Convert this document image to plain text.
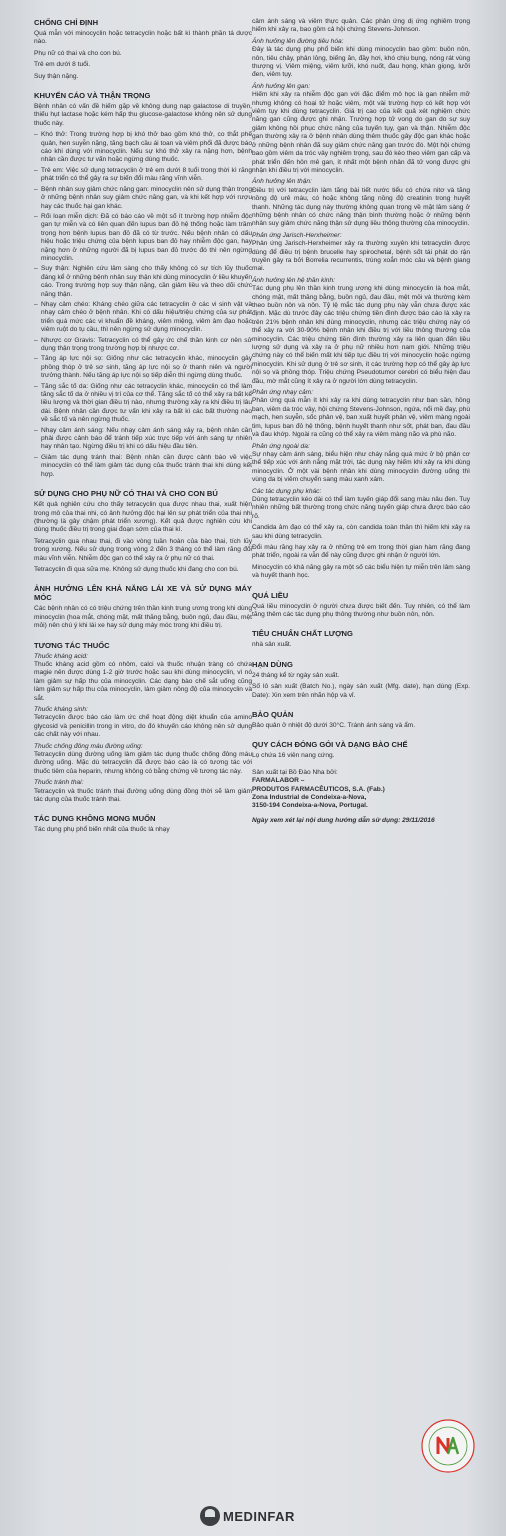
CHỐNG CHỈ ĐỊNH

Quá mẫn với minocyclin hoặc tetracyclin hoặc bất kì thành phần tá dược nào.

Phụ nữ có thai và cho con bú.

Trẻ em dưới 8 tuổi.

Suy thận nặng.

KHUYẾN CÁO VÀ THẬN TRỌNG

Bệnh nhân có vấn đề hiếm gặp về không dung nạp galactose di truyền, thiếu hụt lactase hoặc kém hấp thu glucose-galactose không nên sử dụng thuốc này.

– Khó thở: Trong trường hợp bị khó thở bao gồm khó thở, co thắt phế quản, hen suyễn nặng, tăng bạch cầu ái toan và viêm phổi đã được báo cáo khi dùng với minocyclin. Nếu sự khó thở xảy ra nặng hơn, bệnh nhân cần được tư vấn hoặc ngừng dùng thuốc.
– Trẻ em: Việc sử dụng tetracyclin ở trẻ em dưới 8 tuổi trong thời kì răng phát triển có thể gây ra sự biến đổi màu răng vĩnh viễn.
– Bệnh nhân suy giảm chức năng gan: minocyclin nên sử dụng thận trọng ở những bệnh nhân suy giảm chức năng gan, và khi kết hợp với rượu hay các thuốc hại gan khác.
– Rối loạn miễn dịch: Đã có báo cáo về một số ít trường hợp nhiễm độc gan tự miễn và có liên quan đến lupus ban đỏ hệ thống hoặc làm trầm trọng hơn bệnh lupus ban đỏ đã có từ trước. Nếu bệnh nhân có dấu hiệu hoặc triệu chứng của bệnh lupus ban đỏ hay nhiễm độc gan, hay nặng hơn ở những người đã bị lupus ban đỏ trước đó thì nên ngừng minocyclin.
– Suy thận: Nghiên cứu lâm sàng cho thấy không có sự tích lũy thuốc đáng kể ở những bệnh nhân suy thận khi dùng minocyclin ở liều khuyến cáo. Trong trường hợp suy thận nặng, cần giảm liều và theo dõi chức năng thận.
– Nhạy cảm chéo: Kháng chéo giữa các tetracyclin ở các vi sinh vật và nhạy cảm chéo ở bệnh nhân. Khi có dấu hiệu/triệu chứng của sự phát triển quá mức các vi khuẩn đề kháng, viêm miệng, viêm âm đạo hoặc viêm ruột do tụ cầu, thì nên ngừng sử dụng minocyclin.
– Nhược cơ Gravis: Tetracyclin có thể gây ức chế thần kinh cơ nên sử dụng thận trọng trong trường hợp bị nhược cơ.
– Tăng áp lực nội sọ: Giống như các tetracyclin khác, minocyclin gây phồng thóp ở trẻ sơ sinh, tăng áp lực nội sọ ở thanh niên và người trưởng thành. Nếu tăng áp lực nội sọ tiếp diễn thì ngừng dùng thuốc.
– Tăng sắc tố da: Giống như các tetracyclin khác, minocyclin có thể làm tăng sắc tố da ở nhiều vị trí của cơ thể. Tăng sắc tố có thể xảy ra bất kể liều lượng và thời gian điều trị nào, nhưng thường xảy ra khi điều trị lâu dài. Bệnh nhân cần được tư vấn khi xảy ra bất kì các bất thường nào về sắc tố và nên ngừng thuốc.
– Nhạy cảm ánh sáng: Nếu nhạy cảm ánh sáng xảy ra, bệnh nhân cần phải được cảnh báo để tránh tiếp xúc trực tiếp với ánh sáng tự nhiên hay nhân tạo. Ngừng điều trị khi có dấu hiệu đầu tiên.
– Giảm tác dụng tránh thai: Bệnh nhân cần được cảnh báo về việc minocyclin có thể làm giảm tác dụng của thuốc tránh thai khi dùng kết hợp.
SỬ DỤNG CHO PHỤ NỮ CÓ THAI VÀ CHO CON BÚ

Kết quả nghiên cứu cho thấy tetracyclin qua được nhau thai, xuất hiện trong mô của thai nhi, có ảnh hưởng độc hại lên sự phát triển của thai nhi (thường là gây chậm phát triển xương). Kết quả được nghiên cứu khi dùng thuốc điều trị trong giai đoạn sớm của thai kì.

Tetracyclin qua nhau thai, đi vào vòng tuần hoàn của bào thai, tích lũy trong xương. Nếu sử dụng trong vòng 2 đến 3 tháng có thể làm răng đổi màu vĩnh viễn. Nhiễm độc gan có thể xảy ra ở phụ nữ có thai.

Tetracyclin đi qua sữa mẹ. Không sử dụng thuốc khi đang cho con bú.

ẢNH HƯỞNG LÊN KHẢ NĂNG LÁI XE VÀ SỬ DỤNG MÁY MÓC

Các bệnh nhân có có triệu chứng trên thần kinh trung ương trong khi dùng minocyclin (hoa mắt, chóng mặt, mất thăng bằng, buồn ngủ, đau đầu, mệt mỏi) nên chú ý khi lái xe hay sử dụng máy móc trong khi điều trị.

TƯƠNG TÁC THUỐC

Thuốc kháng acid:

Thuốc kháng acid gồm có nhôm, calci và thuốc nhuận tràng có chứa magie nên được dùng 1-2 giờ trước hoặc sau khi dùng minocyclin, vì nó làm giảm sự hấp thu của minocyclin. Các dạng bào chế sắt uống cũng làm giảm sự hấp thu của minocyclin, làm giảm nồng độ của minocyclin và sắt.

Thuốc kháng sinh:

Tetracyclin được báo cáo làm ức chế hoạt động diệt khuẩn của amino glycosid và penicillin trong in vitro, do đó khuyến cáo không nên sử dụng các chất này với nhau.

Thuốc chống đông máu đường uống:

Tetracyclin dùng đường uống làm giảm tác dụng thuốc chống đông máu đường uống. Mặc dù tetracyclin đã được báo cáo là có tương tác với thuốc tiêm của heparin, nhưng không có bằng chứng về tương tác này.

Thuốc tránh thai:

Tetracyclin và thuốc tránh thai đường uống dùng đồng thời sẽ làm giảm tác dụng của thuốc tránh thai.

TÁC DỤNG KHÔNG MONG MUỐN

Tác dụng phụ phổ biến nhất của thuốc là nhạy

cảm ánh sáng và viêm thực quản. Các phản ứng dị ứng nghiêm trọng hiếm khi xảy ra, bao gồm cả hội chứng Stevens-Johnson.

Ảnh hưởng lên đường tiêu hóa:

Đây là tác dụng phụ phổ biến khi dùng minocyclin bao gồm: buồn nôn, nôn, tiêu chảy, phân lỏng, biếng ăn, đầy hơi, khó chịu bụng, nóng rát vùng thượng vị. Viêm miệng, viêm lưỡi, khó nuốt, đau họng, khàn giọng, lưỡi đen, viêm tụy.

Ảnh hưởng lên gan:

Hiếm khi xảy ra nhiễm độc gan với đặc điểm mô học là gan nhiễm mỡ nhưng không có hoại tử hoặc viêm, một vài trường hợp có kết hợp với viêm tụy khi dùng tetracyclin. Giá trị cao của kết quả xét nghiệm chức năng gan cũng được ghi nhận. Trường hợp tử vong do gan do sự suy giảm không hồi phục chức năng của tuyến tụy, gan và thận. Nhiễm độc gan thường xảy ra ở bệnh nhân dùng thêm thuốc gây độc gan khác hoặc ở những bệnh nhân đã suy giảm chức năng gan trước đó. Một hội chứng bao gồm viêm da tróc vảy nghiêm trọng, sau đó kéo theo viêm gan cấp và phát triển đến hôn mê gan, ít nhất một bệnh nhân đã tử vong được ghi nhận khi điều trị với minocyclin.

Ảnh hưởng lên thận:

Điều trị với tetracyclin làm tăng bài tiết nước tiểu có chứa nitơ và tăng nồng độ urê máu, có hoặc không tăng nồng độ creatinin trong huyết thanh. Những tác dụng này thường không quan trọng về mặt lâm sàng ở những bệnh nhân có chức năng thận bình thường hoặc ở những bệnh nhân suy giảm chức năng thận sử dụng liều thông thường của minocyclin.

Phản ứng Jarisch-Herxheimer:

Phản ứng Jarisch-Herxheimer xảy ra thường xuyên khi tetracyclin được dùng để điều trị bệnh brucelle hay spirochetal, bệnh sốt tái phát do rận truyền gây ra bởi Borrelia recurrentis, trùng xoắn móc câu và bệnh giang mai.

Ảnh hưởng lên hệ thần kinh:

Tác dụng phụ lên thần kinh trung ương khi dùng minocyclin là hoa mắt, chóng mặt, mất thăng bằng, buồn ngủ, đau đầu, mệt mỏi và thường kèm theo buồn nôn và nôn. Tỷ lệ mắc tác dụng phụ này vẫn chưa được xác định. Mặc dù trước đây các triệu chứng tiền đình được báo cáo là xảy ra trên 21% bệnh nhân khi dùng minocyclin, nhưng các triệu chứng này có thể xảy ra với 30-90% bệnh nhân khi điều trị với liều thông thường của minocyclin. Các triệu chứng tiền đình thường xảy ra liên quan đến liều lượng sử dụng và xảy ra ở phụ nữ nhiều hơn nam giới. Những triệu chứng này có thể biến mất khi tiếp tục điều trị với minocyclin hoặc ngừng minocyclin. Khi sử dụng ở trẻ sơ sinh, ít các trường hợp có thể gây áp lực nội sọ và phồng thóp. Triệu chứng Pseudotumor cerebri có biểu hiện đau đầu, mờ mắt cũng ít xảy ra ở người lớn dùng tetracyclin.

Phản ứng nhạy cảm:

Phản ứng quá mẫn ít khi xảy ra khi dùng tetracyclin như ban sần, hồng ban, viêm da tróc vảy, hội chứng Stevens-Johnson, ngứa, nổi mề đay, phù mạch, hen suyễn, sốc phản vệ, ban xuất huyết phản vệ, viêm màng ngoài tim, lupus ban đỏ hệ thống, bệnh huyết thanh như sốt, phát ban, đau đầu và đau khớp. Ngoài ra cũng có thể xảy ra viêm màng não và phù não.

Phản ứng ngoài da:

Sự nhạy cảm ánh sáng, biểu hiện như cháy nắng quá mức ở bộ phận cơ thể tiếp xúc với ánh nắng mặt trời, tác dụng này hiếm khi xảy ra khi dùng minocyclin. Ở một vài bệnh nhân khi dùng minocyclin đường uống thì vùng da bị viêm chuyển sang màu xanh xám.

Các tác dụng phụ khác:

Dùng tetracyclin kéo dài có thể làm tuyến giáp đổi sang màu nâu đen. Tuy nhiên những bất thường trong chức năng tuyến giáp chưa được báo cáo rõ.

Candida âm đạo có thể xảy ra, còn candida toàn thân thì hiếm khi xảy ra sau khi dùng tetracyclin.

Đổi màu răng hay xảy ra ở những trẻ em trong thời gian hàm răng đang phát triển, ngoài ra vẫn để này cũng được ghi nhận ở người lớn.

Minocyclin có khả năng gây ra một số các biểu hiện tự miễn trên lâm sàng và huyết thanh học.

QUÁ LIỀU

Quá liều minocyclin ở người chưa được biết đến. Tuy nhiên, có thể làm tăng thêm các tác dụng phụ thông thường như buồn nôn, nôn.

TIÊU CHUẨN CHẤT LƯỢNG

nhà sản xuất.

HẠN DÙNG

24 tháng kể từ ngày sản xuất.

Số lô sản xuất (Batch No.), ngày sản xuất (Mfg. date), hạn dùng (Exp. Date): Xin xem trên nhãn hộp và vỉ.

BẢO QUẢN

Bảo quản ở nhiệt độ dưới 30°C. Tránh ánh sáng và ẩm.

QUY CÁCH ĐÓNG GÓI VÀ DẠNG BÀO CHẾ

Lọ chứa 16 viên nang cứng.

Sản xuất tại Bồ Đào Nha bởi:

FARMALABOR –

PRODUTOS FARMACÊUTICOS, S.A. (Fab.)

Zona Industrial de Condeixa-a-Nova,

3150-194 Condeixa-a-Nova, Portugal.

Ngày xem xét lại nội dung hướng dẫn sử dụng: 29/11/2016

MEDINFAR
